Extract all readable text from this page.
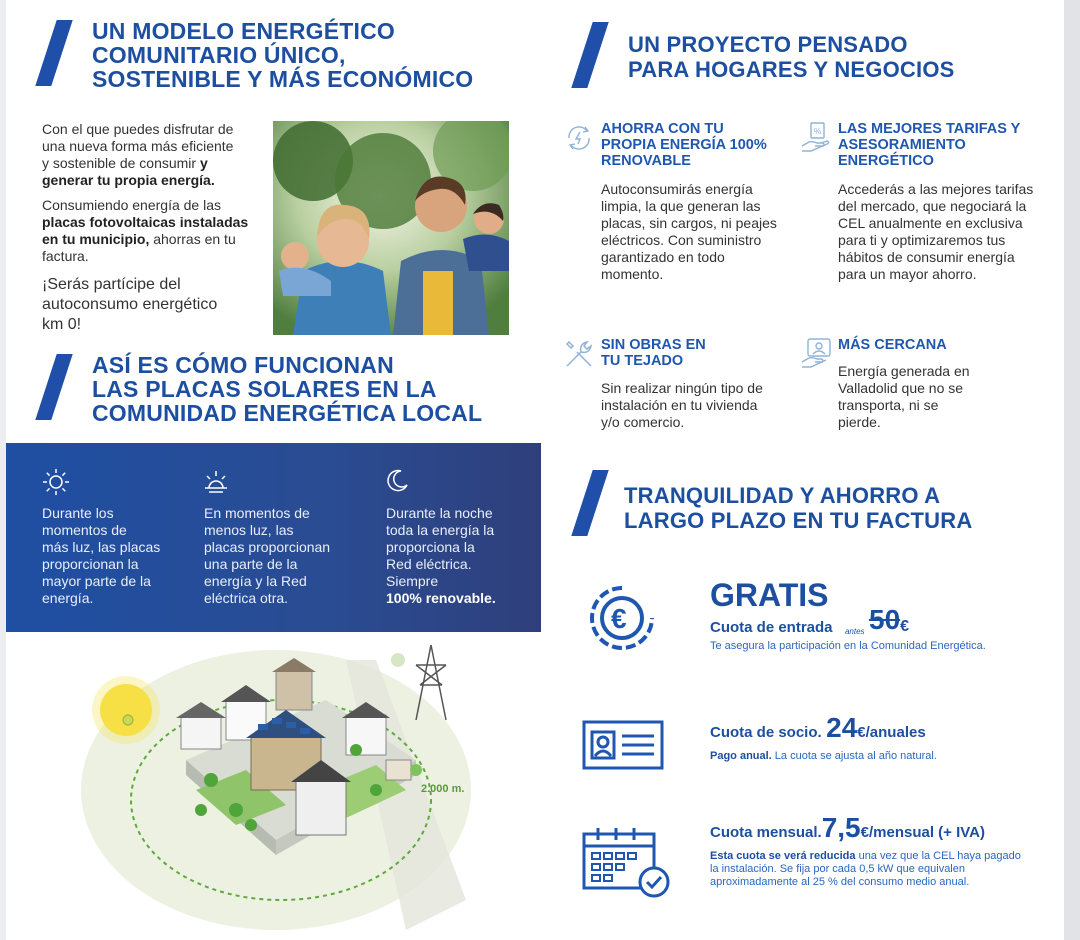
UN MODELO ENERGÉTICO
COMUNITARIO ÚNICO,
SOSTENIBLE Y MÁS ECONÓMICO
Con el que puedes disfrutar de
una nueva forma más eficiente
y sostenible de consumir y
generar tu propia energía.
Consumiendo energía de las
placas fotovoltaicas instaladas
en tu municipio, ahorras en tu
factura.
¡Serás partícipe del
autoconsumo energético
km 0!
ASÍ ES CÓMO FUNCIONAN
LAS PLACAS SOLARES EN LA
COMUNIDAD ENERGÉTICA LOCAL
Durante los
momentos de
más luz, las placas
proporcionan la
mayor parte de la
energía.
En momentos de
menos luz, las
placas proporcionan
una parte de la
energía y la Red
eléctrica otra.
Durante la noche
toda la energía la
proporciona la
Red eléctrica.
Siempre
100% renovable.
2.000 m.
UN PROYECTO PENSADO
PARA HOGARES Y NEGOCIOS
AHORRA CON TU
PROPIA ENERGÍA 100%
RENOVABLE
Autoconsumirás energía
limpia, la que generan las
placas, sin cargos, ni peajes
eléctricos. Con suministro
garantizado en todo
momento.
% LAS MEJORES TARIFAS Y
ASESORAMIENTO
ENERGÉTICO
Accederás a las mejores tarifas
del mercado, que negociará la
CEL anualmente en exclusiva
para ti y optimizaremos tus
hábitos de consumir energía
para un mayor ahorro.
SIN OBRAS EN
TU TEJADO
Sin realizar ningún tipo de
instalación en tu vivienda
y/o comercio.
MÁS CERCANA
Energía generada en
Valladolid que no se
transporta, ni se
pierde.
TRANQUILIDAD Y AHORRO A
LARGO PLAZO EN TU FACTURA
€
GRATIS
Cuota de entrada antes 50€
Te asegura la participación en la Comunidad Energética.
Cuota de socio. 24€/anuales
Pago anual. La cuota se ajusta al año natural.
Cuota mensual.7,5€/mensual (+ IVA)
Esta cuota se verá reducida una vez que la CEL haya pagado
la instalación. Se fija por cada 0,5 kW que equivalen
aproximadamente al 25 % del consumo medio anual.
